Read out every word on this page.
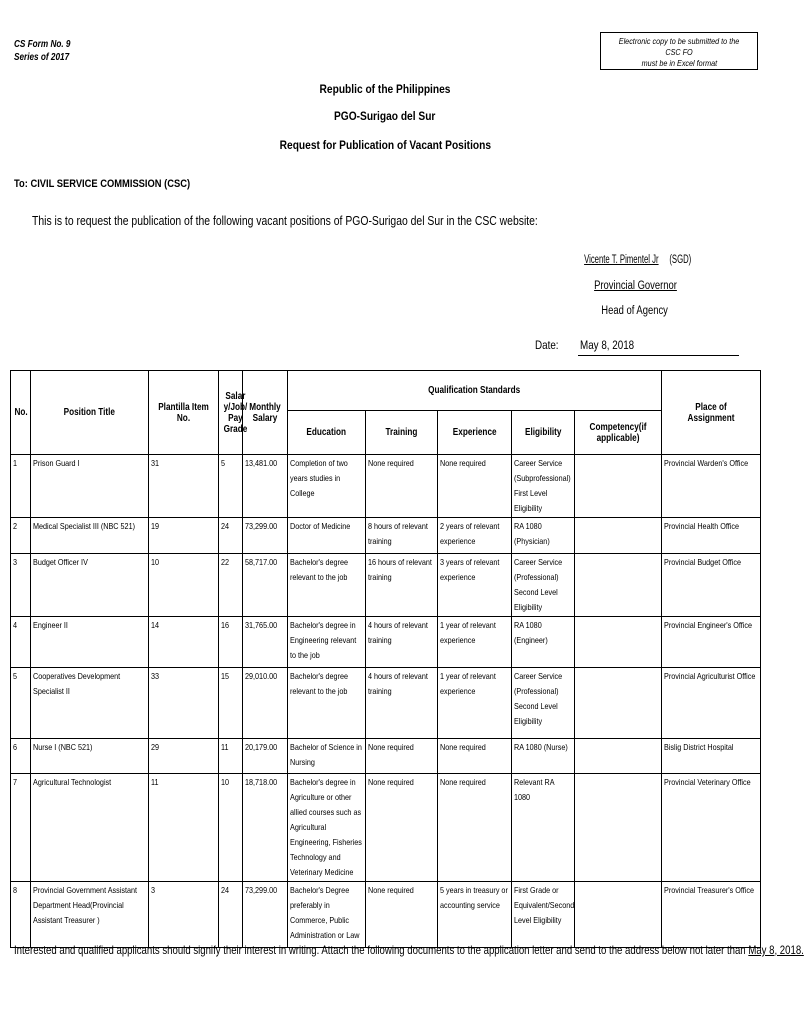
CS Form No. 9
Series of 2017
Electronic copy to be submitted to the CSC FO
must be in Excel format
Republic of the Philippines
PGO-Surigao del Sur
Request for Publication of Vacant Positions
To: CIVIL SERVICE COMMISSION (CSC)
This is to request the publication of the following vacant positions of PGO-Surigao del Sur in the CSC website:
Vicente T. Pimentel Jr(SGD)
Provincial Governor
Head of Agency
Date: May 8, 2018
No.	Position Title	Plantilla Item No.	Salar y/Job/ Pay Grade	Monthly Salary	Qualification Standards					Place of Assignment
					Education	Training	Experience	Eligibility	Competency(if applicable)	
1	Prison Guard I	31	5	13,481.00	Completion of two years studies in College	None required	None required	Career Service (Subprofessional) First Level Eligibility		Provincial Warden's Office
2	Medical Specialist III (NBC 521)	19	24	73,299.00	Doctor of Medicine	8 hours of relevant training	2 years of relevant experience	RA 1080 (Physician)		Provincial Health Office
3	Budget Officer IV	10	22	58,717.00	Bachelor's degree relevant to the job	16 hours of relevant training	3 years of relevant experience	Career Service (Professional) Second Level Eligibility		Provincial Budget Office
4	Engineer II	14	16	31,765.00	Bachelor's degree in Engineering relevant to the job	4 hours of relevant training	1 year of relevant experience	RA 1080 (Engineer)		Provincial Engineer's Office
5	Cooperatives Development Specialist II	33	15	29,010.00	Bachelor's degree relevant to the job	4 hours of relevant training	1 year of relevant experience	Career Service (Professional) Second Level Eligibility		Provincial Agriculturist Office
6	Nurse I (NBC 521)	29	11	20,179.00	Bachelor of Science in Nursing	None required	None required	RA 1080 (Nurse)		Bislig District Hospital
7	Agricultural Technologist	11	10	18,718.00	Bachelor's degree in Agriculture or other allied courses such as Agricultural Engineering, Fisheries Technology and Veterinary Medicine	None required	None required	Relevant RA 1080		Provincial Veterinary Office
8	Provincial Government Assistant Department Head(Provincial Assistant Treasurer )	3	24	73,299.00	Bachelor's Degree preferably in Commerce, Public Administration or Law	None required	5 years in treasury or accounting service	First Grade or Equivalent/Second Level Eligibility		Provincial Treasurer's Office
Interested and qualified applicants should signify their interest in writing. Attach the following documents to the application letter and send to the address below not later than May 8, 2018.
